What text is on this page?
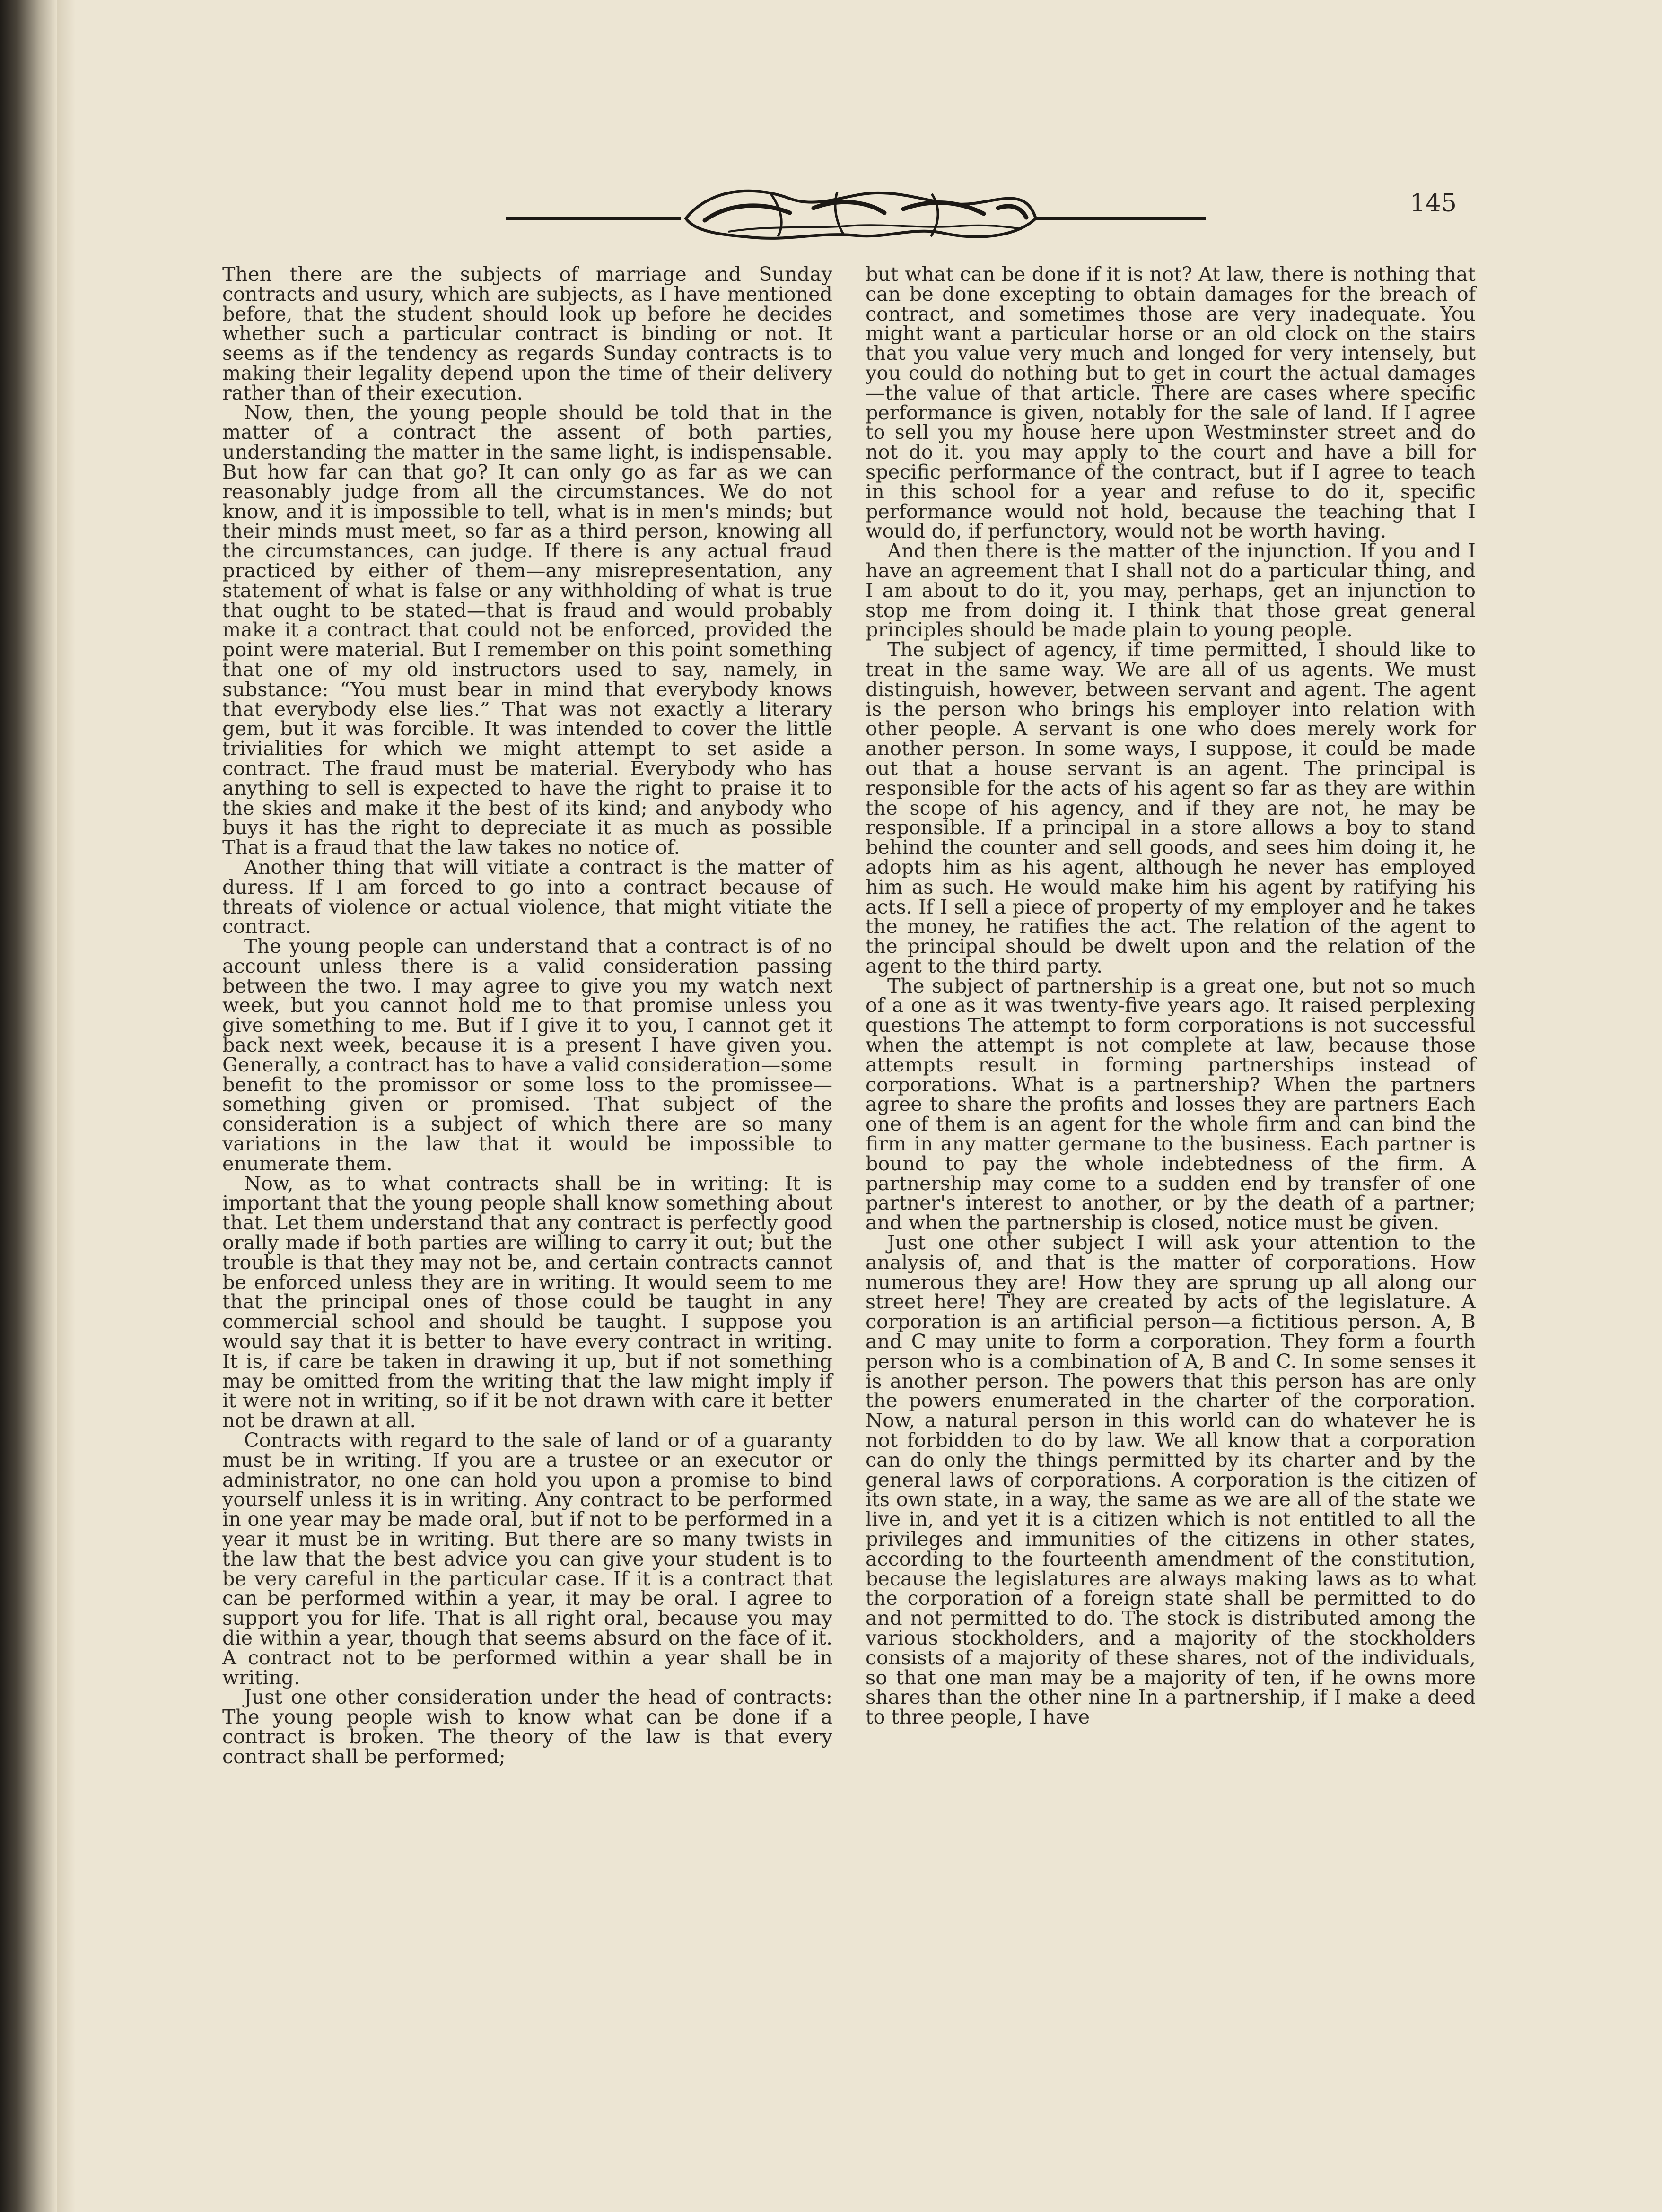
145

Then there are the subjects of marriage and Sunday contracts and usury, which are subjects, as I have mentioned before, that the student should look up before he decides whether such a particular contract is binding or not. It seems as if the tendency as regards Sunday contracts is to making their legality depend upon the time of their delivery rather than of their execution.

Now, then, the young people should be told that in the matter of a contract the assent of both parties, understanding the matter in the same light, is indispensable. But how far can that go? It can only go as far as we can reasonably judge from all the circumstances. We do not know, and it is impossible to tell, what is in men's minds; but their minds must meet, so far as a third person, knowing all the circumstances, can judge. If there is any actual fraud practiced by either of them—any misrepresentation, any statement of what is false or any withholding of what is true that ought to be stated—that is fraud and would probably make it a contract that could not be enforced, provided the point were material. But I remember on this point something that one of my old instructors used to say, namely, in substance: “You must bear in mind that everybody knows that everybody else lies.” That was not exactly a literary gem, but it was forcible. It was intended to cover the little trivialities for which we might attempt to set aside a contract. The fraud must be material. Everybody who has anything to sell is expected to have the right to praise it to the skies and make it the best of its kind; and anybody who buys it has the right to depreciate it as much as possible That is a fraud that the law takes no notice of.

Another thing that will vitiate a contract is the matter of duress. If I am forced to go into a contract because of threats of violence or actual violence, that might vitiate the contract.

The young people can understand that a contract is of no account unless there is a valid consideration passing between the two. I may agree to give you my watch next week, but you cannot hold me to that promise unless you give something to me. But if I give it to you, I cannot get it back next week, because it is a present I have given you. Generally, a contract has to have a valid consideration—some benefit to the promissor or some loss to the promissee—something given or promised. That subject of the consideration is a subject of which there are so many variations in the law that it would be impossible to enumerate them.

Now, as to what contracts shall be in writing: It is important that the young people shall know something about that. Let them understand that any contract is perfectly good orally made if both parties are willing to carry it out; but the trouble is that they may not be, and certain contracts cannot be enforced unless they are in writing. It would seem to me that the principal ones of those could be taught in any commercial school and should be taught. I suppose you would say that it is better to have every contract in writing. It is, if care be taken in drawing it up, but if not something may be omitted from the writing that the law might imply if it were not in writing, so if it be not drawn with care it better not be drawn at all.

Contracts with regard to the sale of land or of a guaranty must be in writing. If you are a trustee or an executor or administrator, no one can hold you upon a promise to bind yourself unless it is in writing. Any contract to be performed in one year may be made oral, but if not to be performed in a year it must be in writing. But there are so many twists in the law that the best advice you can give your student is to be very careful in the particular case. If it is a contract that can be performed within a year, it may be oral. I agree to support you for life. That is all right oral, because you may die within a year, though that seems absurd on the face of it. A contract not to be performed within a year shall be in writing.

Just one other consideration under the head of contracts: The young people wish to know what can be done if a contract is broken. The theory of the law is that every contract shall be performed;

but what can be done if it is not? At law, there is nothing that can be done excepting to obtain damages for the breach of contract, and sometimes those are very inadequate. You might want a particular horse or an old clock on the stairs that you value very much and longed for very intensely, but you could do nothing but to get in court the actual damages—the value of that article. There are cases where specific performance is given, notably for the sale of land. If I agree to sell you my house here upon Westminster street and do not do it. you may apply to the court and have a bill for specific performance of the contract, but if I agree to teach in this school for a year and refuse to do it, specific performance would not hold, because the teaching that I would do, if perfunctory, would not be worth having.

And then there is the matter of the injunction. If you and I have an agreement that I shall not do a particular thing, and I am about to do it, you may, perhaps, get an injunction to stop me from doing it. I think that those great general principles should be made plain to young people.

The subject of agency, if time permitted, I should like to treat in the same way. We are all of us agents. We must distinguish, however, between servant and agent. The agent is the person who brings his employer into relation with other people. A servant is one who does merely work for another person. In some ways, I suppose, it could be made out that a house servant is an agent. The principal is responsible for the acts of his agent so far as they are within the scope of his agency, and if they are not, he may be responsible. If a principal in a store allows a boy to stand behind the counter and sell goods, and sees him doing it, he adopts him as his agent, although he never has employed him as such. He would make him his agent by ratifying his acts. If I sell a piece of property of my employer and he takes the money, he ratifies the act. The relation of the agent to the principal should be dwelt upon and the relation of the agent to the third party.

The subject of partnership is a great one, but not so much of a one as it was twenty-five years ago. It raised perplexing questions The attempt to form corporations is not successful when the attempt is not complete at law, because those attempts result in forming partnerships instead of corporations. What is a partnership? When the partners agree to share the profits and losses they are partners Each one of them is an agent for the whole firm and can bind the firm in any matter germane to the business. Each partner is bound to pay the whole indebtedness of the firm. A partnership may come to a sudden end by transfer of one partner's interest to another, or by the death of a partner; and when the partnership is closed, notice must be given.

Just one other subject I will ask your attention to the analysis of, and that is the matter of corporations. How numerous they are! How they are sprung up all along our street here! They are created by acts of the legislature. A corporation is an artificial person—a fictitious person. A, B and C may unite to form a corporation. They form a fourth person who is a combination of A, B and C. In some senses it is another person. The powers that this person has are only the powers enumerated in the charter of the corporation. Now, a natural person in this world can do whatever he is not forbidden to do by law. We all know that a corporation can do only the things permitted by its charter and by the general laws of corporations. A corporation is the citizen of its own state, in a way, the same as we are all of the state we live in, and yet it is a citizen which is not entitled to all the privileges and immunities of the citizens in other states, according to the fourteenth amendment of the constitution, because the legislatures are always making laws as to what the corporation of a foreign state shall be permitted to do and not permitted to do. The stock is distributed among the various stockholders, and a majority of the stockholders consists of a majority of these shares, not of the individuals, so that one man may be a majority of ten, if he owns more shares than the other nine In a partnership, if I make a deed to three people, I have
